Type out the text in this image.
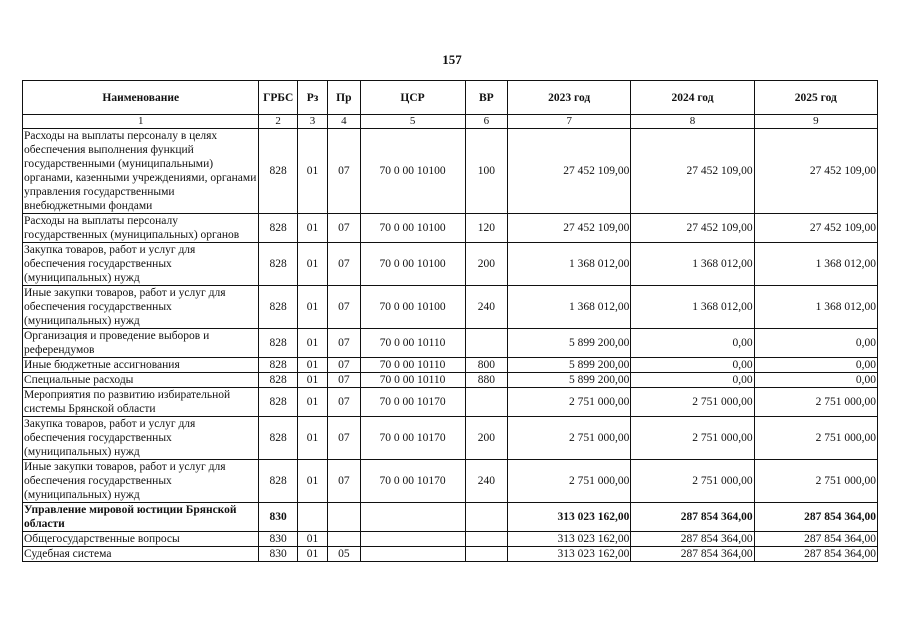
157
Наименование	ГРБС	Рз	Пр	ЦСР	ВР	2023 год	2024 год	2025 год
1	2	3	4	5	6	7	8	9
Расходы на выплаты персоналу в целях обеспечения выполнения функций государственными (муниципальными) органами, казенными учреждениями, органами управления государственными внебюджетными фондами	828	01	07	70 0 00 10100	100	27 452 109,00	27 452 109,00	27 452 109,00
Расходы на выплаты персоналу государственных (муниципальных) органов	828	01	07	70 0 00 10100	120	27 452 109,00	27 452 109,00	27 452 109,00
Закупка товаров, работ и услуг для обеспечения государственных (муниципальных) нужд	828	01	07	70 0 00 10100	200	1 368 012,00	1 368 012,00	1 368 012,00
Иные закупки товаров, работ и услуг для обеспечения государственных (муниципальных) нужд	828	01	07	70 0 00 10100	240	1 368 012,00	1 368 012,00	1 368 012,00
Организация и проведение выборов и референдумов	828	01	07	70 0 00 10110		5 899 200,00	0,00	0,00
Иные бюджетные ассигнования	828	01	07	70 0 00 10110	800	5 899 200,00	0,00	0,00
Специальные расходы	828	01	07	70 0 00 10110	880	5 899 200,00	0,00	0,00
Мероприятия по развитию избирательной системы Брянской области	828	01	07	70 0 00 10170		2 751 000,00	2 751 000,00	2 751 000,00
Закупка товаров, работ и услуг для обеспечения государственных (муниципальных) нужд	828	01	07	70 0 00 10170	200	2 751 000,00	2 751 000,00	2 751 000,00
Иные закупки товаров, работ и услуг для обеспечения государственных (муниципальных) нужд	828	01	07	70 0 00 10170	240	2 751 000,00	2 751 000,00	2 751 000,00
Управление мировой юстиции Брянской области	830					313 023 162,00	287 854 364,00	287 854 364,00
Общегосударственные вопросы	830	01				313 023 162,00	287 854 364,00	287 854 364,00
Судебная система	830	01	05			313 023 162,00	287 854 364,00	287 854 364,00
